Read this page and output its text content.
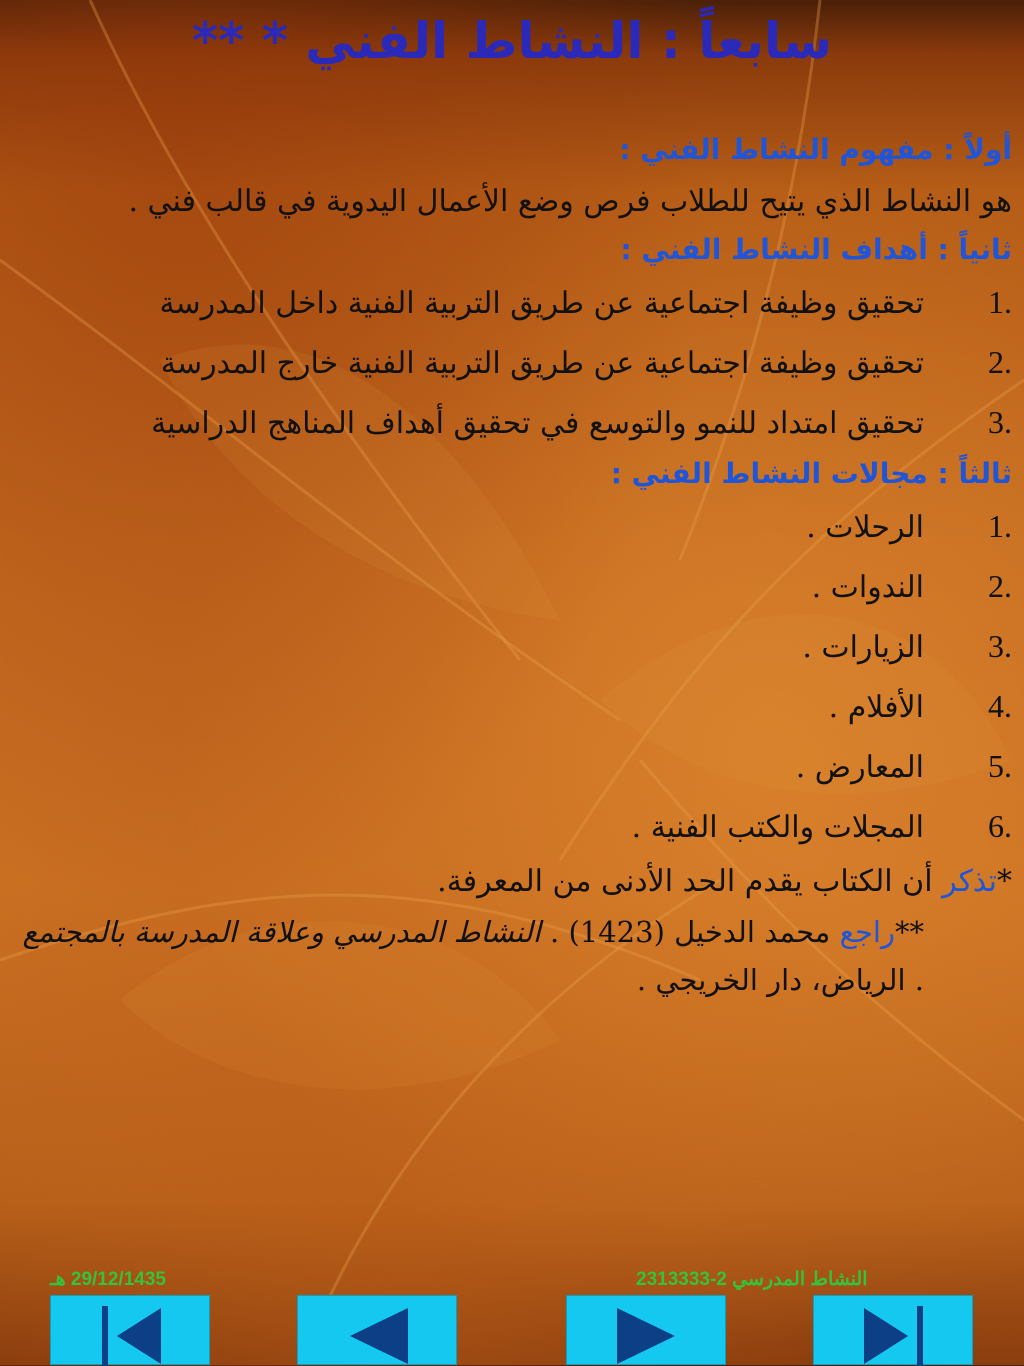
سابعاً : النشاط الفني * **
أولاًَ : مفهوم النشاط الفني :

هو النشاط الذي يتيح للطلاب فرص وضع الأعمال اليدوية في قالب فني .

ثانياً : أهداف النشاط الفني :
1.
تحقيق وظيفة اجتماعية عن طريق التربية الفنية داخل المدرسة
2.
تحقيق وظيفة اجتماعية عن طريق التربية الفنية خارج المدرسة
3.
تحقيق امتداد للنمو والتوسع في تحقيق أهداف المناهج الدراسية
ثالثاً : مجالات النشاط الفني :
1.
الرحلات .
2.
الندوات .
3.
الزيارات .
4.
الأفلام .
5.
المعارض .
6.
المجلات والكتب الفنية .

*تذكر أن الكتاب يقدم الحد الأدنى من المعرفة.

**راجع محمد الدخيل (1423) . النشاط المدرسي وعلاقة المدرسة بالمجتمع . الرياض، دار الخريجي .

29/12/1435 هـ	النشاط المدرسي 2-2313333
